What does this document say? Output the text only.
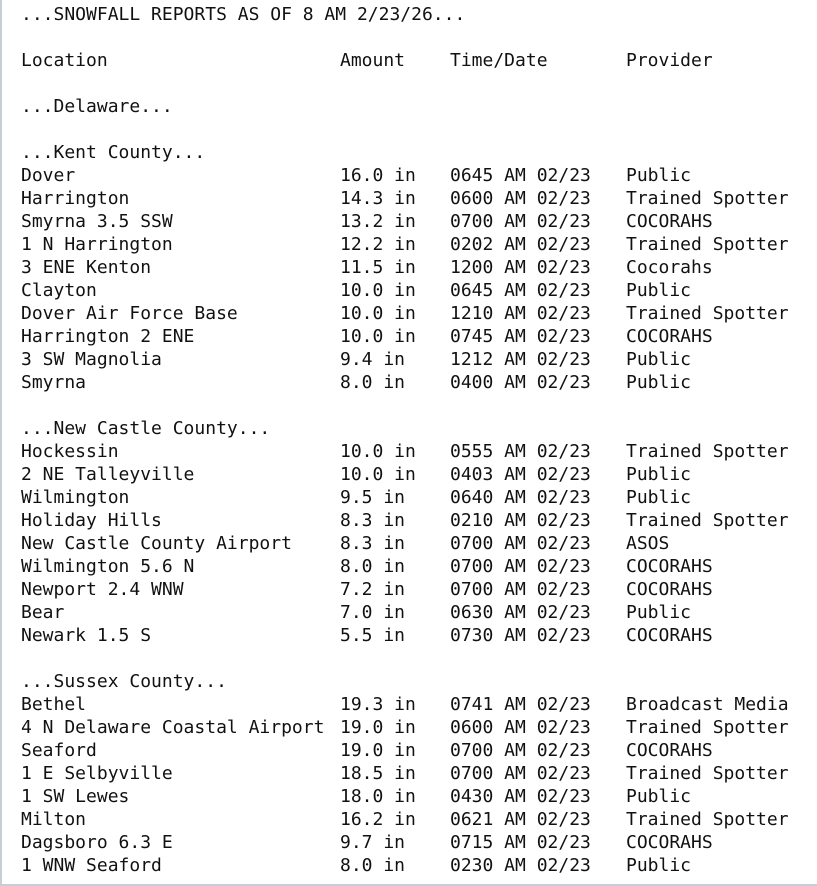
...SNOWFALL REPORTS AS OF 8 AM 2/23/26...
Location	Amount Time/Date	Provider
...Delaware...
...Kent County...
Dover	16.0 in 0645 AM 02/23 Public
Harrington	14.3 in 0600 AM 02/23 Trained Spotter
Smyrna 3.5 SSW	13.2 in 0700 AM 02/23 COCORAHS
1 N Harrington	12.2 in 0202 AM 02/23 Trained Spotter
3 ENE Kenton	11.5 in 1200 AM 02/23 Cocorahs
Clayton	10.0 in 0645 AM 02/23 Public
Dover Air Force Base	10.0 in 1210 AM 02/23 Trained Spotter
Harrington 2 ENE	10.0 in 0745 AM 02/23 COCORAHS
3 SW Magnolia	9.4 in 1212 AM 02/23 Public
Smyrna	8.0 in 0400 AM 02/23 Public
...New Castle County...
Hockessin	10.0 in 0555 AM 02/23 Trained Spotter
2 NE Talleyville	10.0 in 0403 AM 02/23 Public
Wilmington	9.5 in 0640 AM 02/23 Public
Holiday Hills	8.3 in 0210 AM 02/23 Trained Spotter
New Castle County Airport	8.3 in 0700 AM 02/23 ASOS
Wilmington 5.6 N	8.0 in 0700 AM 02/23 COCORAHS
Newport 2.4 WNW	7.2 in 0700 AM 02/23 COCORAHS
Bear	7.0 in 0630 AM 02/23 Public
Newark 1.5 S	5.5 in 0730 AM 02/23 COCORAHS
...Sussex County...
Bethel	19.3 in 0741 AM 02/23 Broadcast Media
4 N Delaware Coastal Airport 19.0 in 0600 AM 02/23 Trained Spotter
Seaford	19.0 in 0700 AM 02/23 COCORAHS
1 E Selbyville	18.5 in 0700 AM 02/23 Trained Spotter
1 SW Lewes	18.0 in 0430 AM 02/23 Public
Milton	16.2 in 0621 AM 02/23 Trained Spotter
Dagsboro 6.3 E	9.7 in 0715 AM 02/23 COCORAHS
1 WNW Seaford	8.0 in 0230 AM 02/23 Public
